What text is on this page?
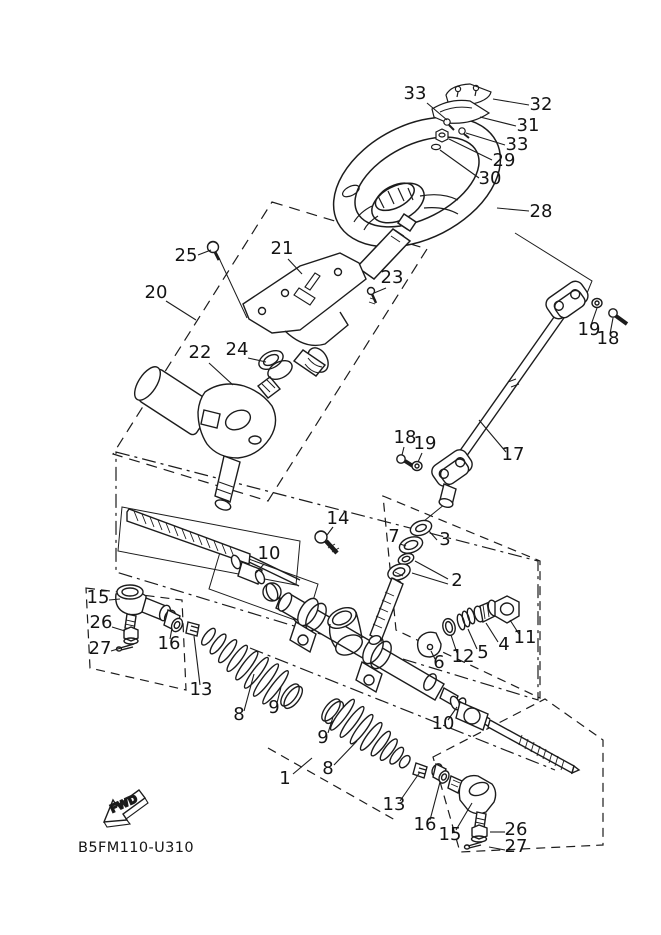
FWD
B5FM110-U310
33
32
31
33
29
30
28
25	21
23
20
22 24
19
18
17
18
19
14
7 3
2
10
15
26
27	16
13
8 9
11
4
5
12
6
9
8
1
10
13
16 15 26
27
